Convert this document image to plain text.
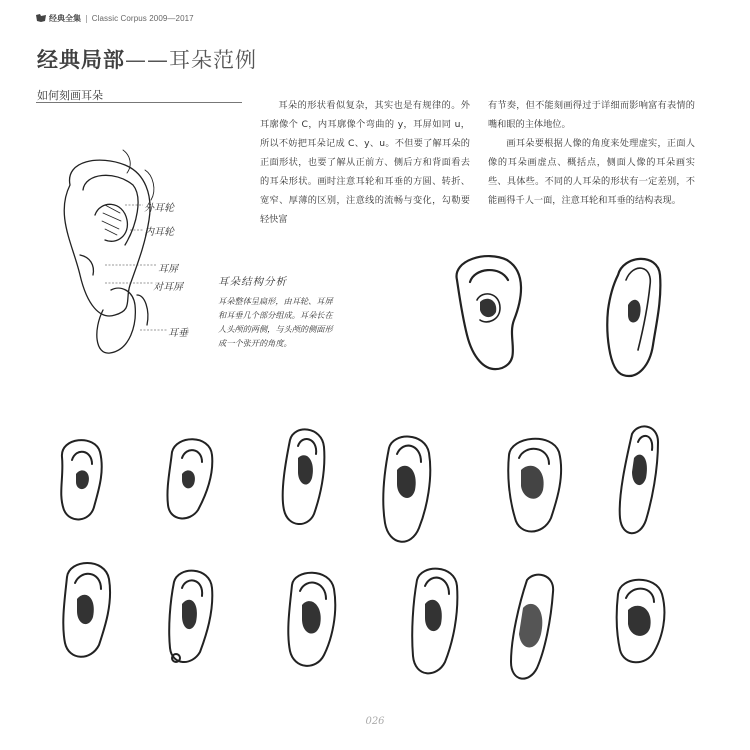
经典全集 | Classic Corpus 2009—2017
经典局部——耳朵范例
如何刻画耳朵

耳朵的形状看似复杂，其实也是有规律的。外耳廓像个 C，内耳廓像个弯曲的 y，耳屏如同 u，所以不妨把耳朵记成 C、y、u。不但要了解耳朵的正面形状，也要了解从正前方、侧后方和背面看去的耳朵形状。画时注意耳轮和耳垂的方圆、转折、宽窄、厚薄的区别，注意线的流畅与变化，勾勒要轻快富

有节奏，但不能刻画得过于详细而影响富有表情的嘴和眼的主体地位。

画耳朵要根据人像的角度来处理虚实，正面人像的耳朵画虚点、概括点，侧面人像的耳朵画实些、具体些。不同的人耳朵的形状有一定差别，不能画得千人一面，注意耳轮和耳垂的结构表现。

外耳轮
内耳轮
耳屏
对耳屏
耳垂
耳朵结构分析
耳朵整体呈扁形，由耳轮、耳屏
和耳垂几个部分组成。耳朵长在
人头颅的两侧，与头颅的侧面形
成一个张开的角度。
026
